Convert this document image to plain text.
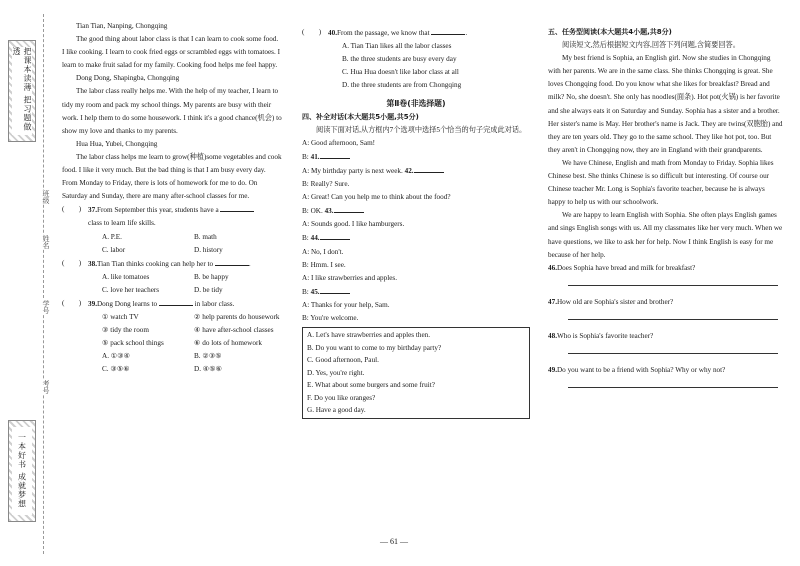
把课本读薄 把习题做透
班级
姓名
学号
考号
一本好书 成就梦想

Tian Tian, Nanping, Chongqing

The good thing about labor class is that I can learn to cook some food. I like cooking. I learn to cook fried eggs or scrambled eggs with tomatoes. I learn to make fruit salad for my family. Cooking food helps me feel happy.

Dong Dong, Shapingba, Chongqing

The labor class really helps me. With the help of my teacher, I learn to tidy my room and pack my school things. My parents are busy with their work. I help them to do some housework. I think it's a good chance(机会) to show my love and thanks to my parents.

Hua Hua, Yubei, Chongqing

The labor class helps me learn to grow(种植)some vegetables and cook food. I like it very much. But the bad thing is that I am busy every day. From Monday to Friday, there is lots of homework for me to do. On Saturday and Sunday, there are many after-school classes for me.

(　　) 37.From September this year, students have a
class to learn life skills.

A. P.E.	B. math
C. labor	D. history
(　　) 38.Tian Tian thinks cooking can help her to	.

A. like tomatoes	B. be happy
C. love her teachers	D. be tidy
(　　) 39.Dong Dong learns to	in labor class.

① watch TV	② help parents do housework
③ tidy the room	④ have after-school classes
⑤ pack school things	⑥ do lots of homework
A. ①③④	B. ②③⑤
C. ③⑤⑥	D. ④⑤⑥
(　　) 40.From the passage, we know that	.

A. Tian Tian likes all the labor classes

B. the three students are busy every day

C. Hua Hua doesn't like labor class at all

D. the three students are from Chongqing

第Ⅱ卷(非选择题)

四、补全对话(本大题共5小题,共5分)

阅读下面对话,从方框内7个选项中选择5个恰当的句子完成此对话。

A: Good afternoon, Sam!

B: 41.

A: My birthday party is next week. 42.

B: Really? Sure.

A: Great! Can you help me to think about the food?

B: OK. 43.

A: Sounds good. I like hamburgers.

B: 44.

A: No, I don't.

B: Hmm. I see.

A: I like strawberries and apples.

B: 45.

A: Thanks for your help, Sam.

B: You're welcome.

A. Let's have strawberries and apples then.

B. Do you want to come to my birthday party?

C. Good afternoon, Paul.

D. Yes, you're right.

E. What about some burgers and some fruit?

F. Do you like oranges?

G. Have a good day.

五、任务型阅读(本大题共4小题,共8分)

阅读短文,然后根据短文内容,回答下列问题,含简要回答。

My best friend is Sophia, an English girl. Now she studies in Chongqing with her parents. We are in the same class. She thinks Chongqing is great. She loves Chongqing food. Do you know what she likes for breakfast? Bread and milk? No, she doesn't. She only has noodles(面条). Hot pot(火锅) is her favorite and she always eats it on Saturday and Sunday. Sophia has a sister and a brother. Her sister's name is May. Her brother's name is Jack. They are twins(双胞胎) and they are ten years old. They go to the same school. They like hot pot, too. But they aren't in Chongqing now, they are in England with their grandparents.

We have Chinese, English and math from Monday to Friday. Sophia likes Chinese best. She thinks Chinese is so difficult but interesting. Of course our Chinese teacher Mr. Long is Sophia's favorite teacher, because he is always happy to help us with our schoolwork.

We are happy to learn English with Sophia. She often plays English games and sings English songs with us. All my classmates like her very much. When we have questions, we like to ask her for help. Now I think English is easy for me because of her help.

46.Does Sophia have bread and milk for breakfast?

47.How old are Sophia's sister and brother?

48.Who is Sophia's favorite teacher?

49.Do you want to be a friend with Sophia? Why or why not?

— 61 —
